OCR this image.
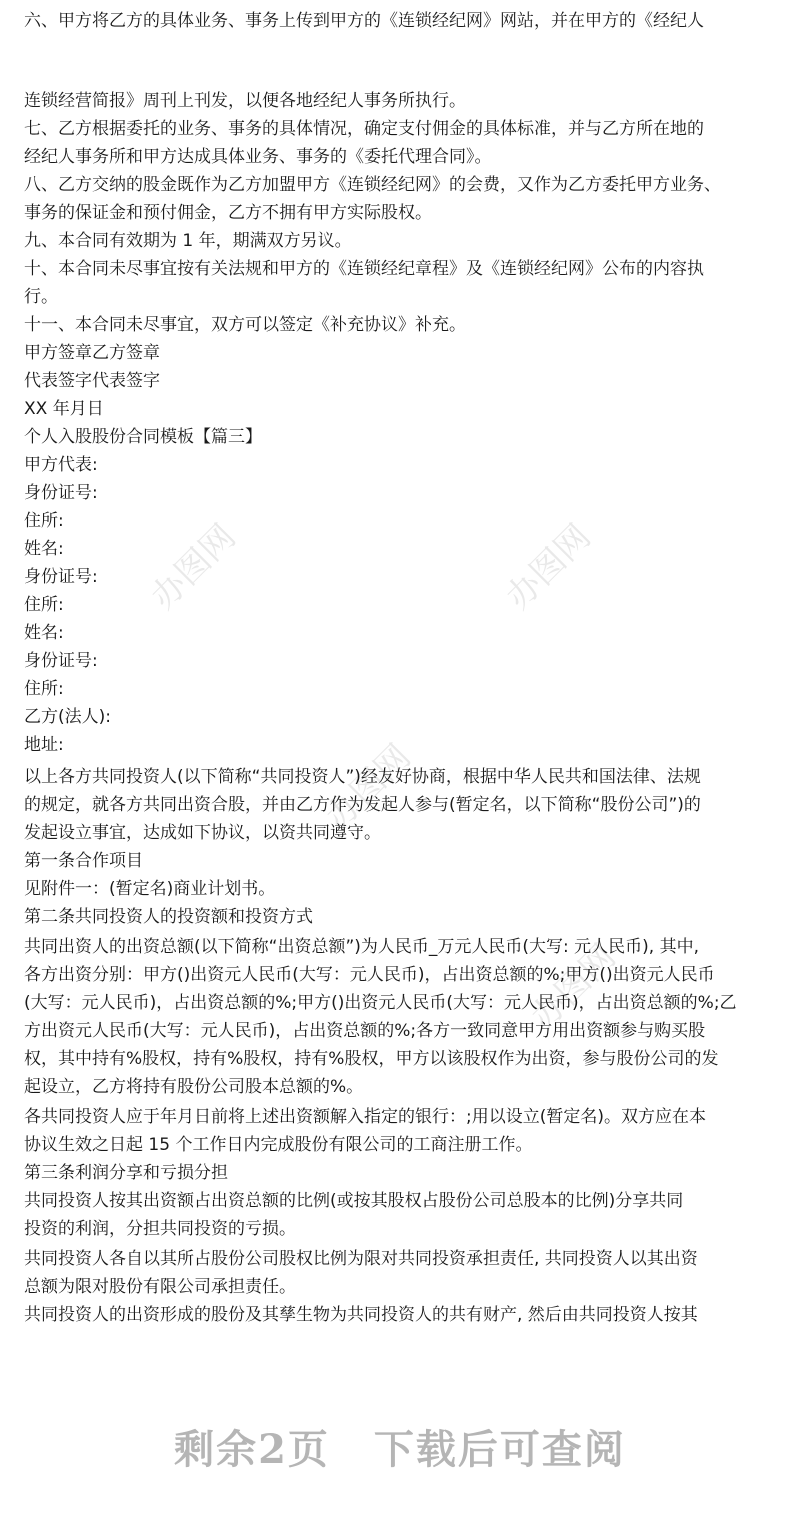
办图网	办图网
办图网
办图网
六、甲方将乙方的具体业务、事务上传到甲方的《连锁经纪网》网站，并在甲方的《经纪人
连锁经营简报》周刊上刊发，以便各地经纪人事务所执行。
七、乙方根据委托的业务、事务的具体情况，确定支付佣金的具体标准，并与乙方所在地的
经纪人事务所和甲方达成具体业务、事务的《委托代理合同》。
八、乙方交纳的股金既作为乙方加盟甲方《连锁经纪网》的会费，又作为乙方委托甲方业务、
事务的保证金和预付佣金，乙方不拥有甲方实际股权。
九、本合同有效期为 1 年，期满双方另议。
十、本合同未尽事宜按有关法规和甲方的《连锁经纪章程》及《连锁经纪网》公布的内容执
行。
十一、本合同未尽事宜，双方可以签定《补充协议》补充。
甲方签章乙方签章
代表签字代表签字
XX 年月日
个人入股股份合同模板【篇三】
甲方代表:
身份证号:
住所:
姓名:
身份证号:
住所:
姓名:
身份证号:
住所:
乙方(法人):
地址:
以上各方共同投资人(以下简称“共同投资人”)经友好协商，根据中华人民共和国法律、法规
的规定，就各方共同出资合股，并由乙方作为发起人参与(暂定名，以下简称“股份公司”)的
发起设立事宜，达成如下协议，以资共同遵守。
第一条合作项目
见附件一：(暂定名)商业计划书。
第二条共同投资人的投资额和投资方式
共同出资人的出资总额(以下简称“出资总额”)为人民币_万元人民币(大写: 元人民币), 其中,
各方出资分别：甲方()出资元人民币(大写：元人民币)，占出资总额的%;甲方()出资元人民币
(大写：元人民币)，占出资总额的%;甲方()出资元人民币(大写：元人民币)，占出资总额的%;乙
方出资元人民币(大写：元人民币)，占出资总额的%;各方一致同意甲方用出资额参与购买股
权，其中持有%股权，持有%股权，持有%股权，甲方以该股权作为出资，参与股份公司的发
起设立，乙方将持有股份公司股本总额的%。
各共同投资人应于年月日前将上述出资额解入指定的银行：;用以设立(暂定名)。双方应在本
协议生效之日起 15 个工作日内完成股份有限公司的工商注册工作。
第三条利润分享和亏损分担
共同投资人按其出资额占出资总额的比例(或按其股权占股份公司总股本的比例)分享共同
投资的利润，分担共同投资的亏损。
共同投资人各自以其所占股份公司股权比例为限对共同投资承担责任, 共同投资人以其出资
总额为限对股份有限公司承担责任。
共同投资人的出资形成的股份及其孳生物为共同投资人的共有财产, 然后由共同投资人按其
剩余2页 下载后可查阅
